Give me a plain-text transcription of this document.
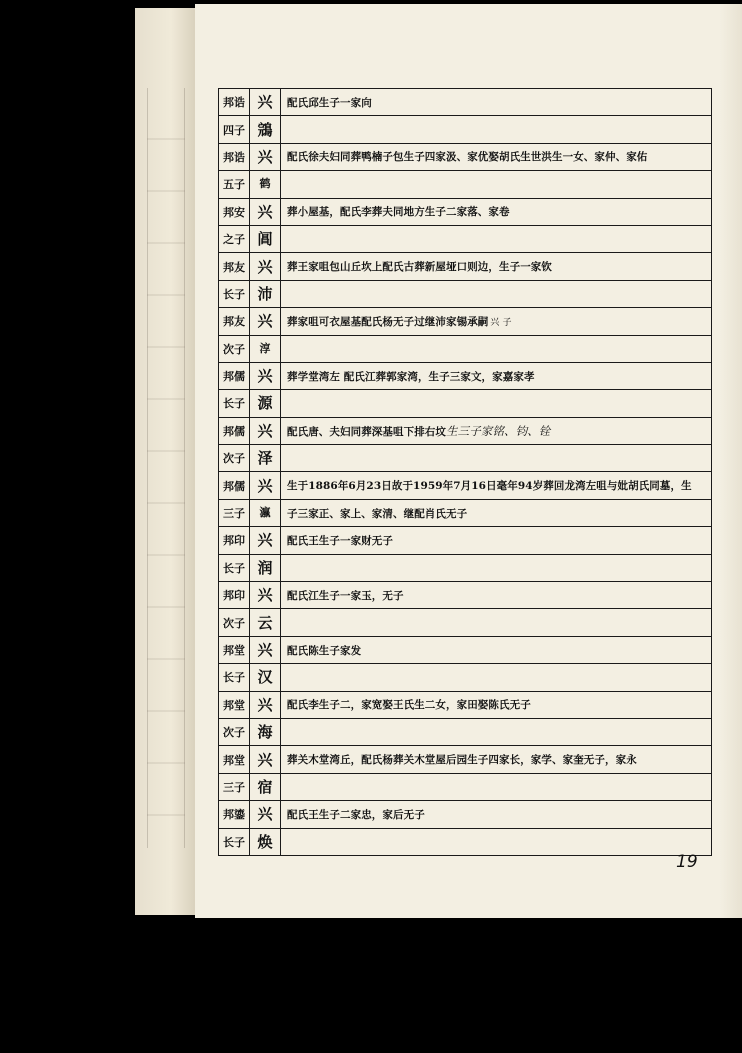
邦诰	兴	配氏邱生子一家向
四子	鵍	
邦诰	兴	配氏徐夫妇同葬鸭楠子包生子四家汲、家优娶胡氏生世洪生一女、家仲、家佑
五子	鹤	
邦安	兴	葬小屋基，配氏李葬夫同地方生子二家落、家卷
之子	阊	
邦友	兴	葬王家咀包山丘坎上配氏古葬新屋垭口则边，生子一家钦
长子	沛	
邦友	兴	葬家咀可衣屋基配氏杨无子过继沛家锡承嗣 兴 子
次子	淳	
邦儒	兴	葬学堂湾左 配氏江葬郭家湾，生子三家文，家嘉家孝
长子	源	
邦儒	兴	配氏唐、夫妇同葬深基咀下排右坟生三子家铭、钧、铨
次子	泽	
邦儒	兴	生于1886年6月23日故于1959年7月16日毫年94岁葬回龙湾左咀与妣胡氏同墓，生
三子	瀛	子三家正、家上、家清、继配肖氏无子
邦印	兴	配氏王生子一家财无子
长子	润	
邦印	兴	配氏江生子一家玉，无子
次子	云	
邦堂	兴	配氏陈生子家发
长子	汉	
邦堂	兴	配氏李生子二，家宽娶王氏生二女，家田娶陈氏无子
次子	海	
邦堂	兴	葬关木堂湾丘，配氏杨葬关木堂屋后园生子四家长，家学、家奎无子，家永
三子	宿	
邦鎏	兴	配氏王生子二家忠，家后无子
长子	焕	
19
